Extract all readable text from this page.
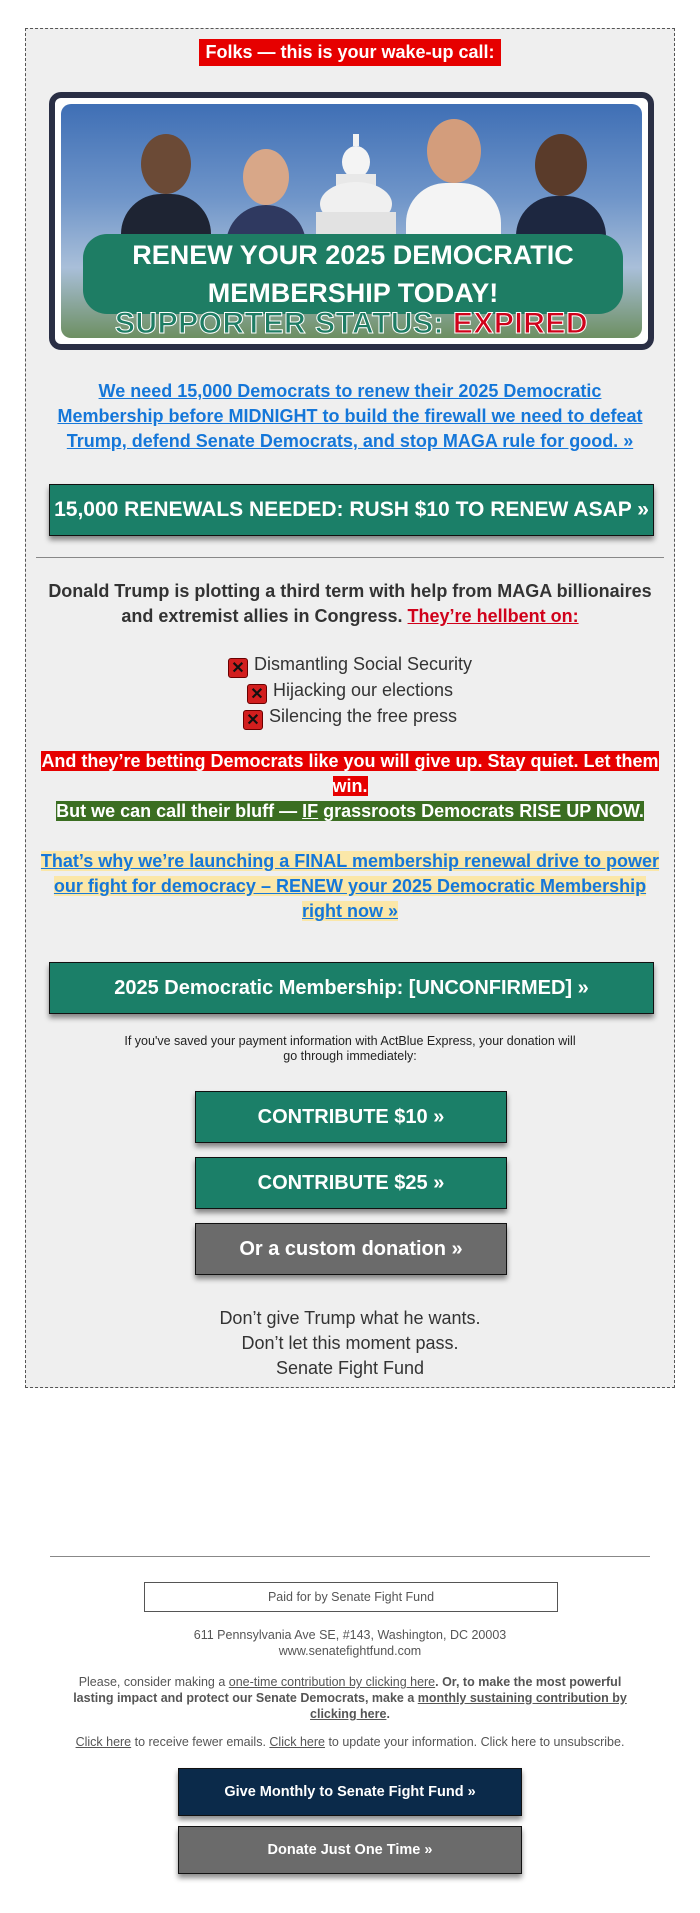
Folks — this is your wake-up call:
RENEW YOUR 2025 DEMOCRATIC
MEMBERSHIP TODAY!
SUPPORTER STATUS: EXPIRED
We need 15,000 Democrats to renew their 2025 Democratic Membership before MIDNIGHT to build the firewall we need to defeat Trump, defend Senate Democrats, and stop MAGA rule for good. »
15,000 RENEWALS NEEDED: RUSH $10 TO RENEW ASAP »
Donald Trump is plotting a third term with help from MAGA billionaires and extremist allies in Congress. They’re hellbent on:
✕ Dismantling Social Security
✕ Hijacking our elections
✕ Silencing the free press
And they’re betting Democrats like you will give up. Stay quiet. Let them win.
But we can call their bluff — IF grassroots Democrats RISE UP NOW.
That’s why we’re launching a FINAL membership renewal drive to power our fight for democracy – RENEW your 2025 Democratic Membership right now »
2025 Democratic Membership: [UNCONFIRMED] »
If you've saved your payment information with ActBlue Express, your donation will go through immediately:
CONTRIBUTE $10 »
CONTRIBUTE $25 »
Or a custom donation »
Don’t give Trump what he wants.
Don’t let this moment pass.
Senate Fight Fund
Paid for by Senate Fight Fund
611 Pennsylvania Ave SE, #143, Washington, DC 20003
www.senatefightfund.com
Please, consider making a one-time contribution by clicking here. Or, to make the most powerful lasting impact and protect our Senate Democrats, make a monthly sustaining contribution by clicking here.
Click here to receive fewer emails. Click here to update your information. Click here to unsubscribe.
Give Monthly to Senate Fight Fund »
Donate Just One Time »
